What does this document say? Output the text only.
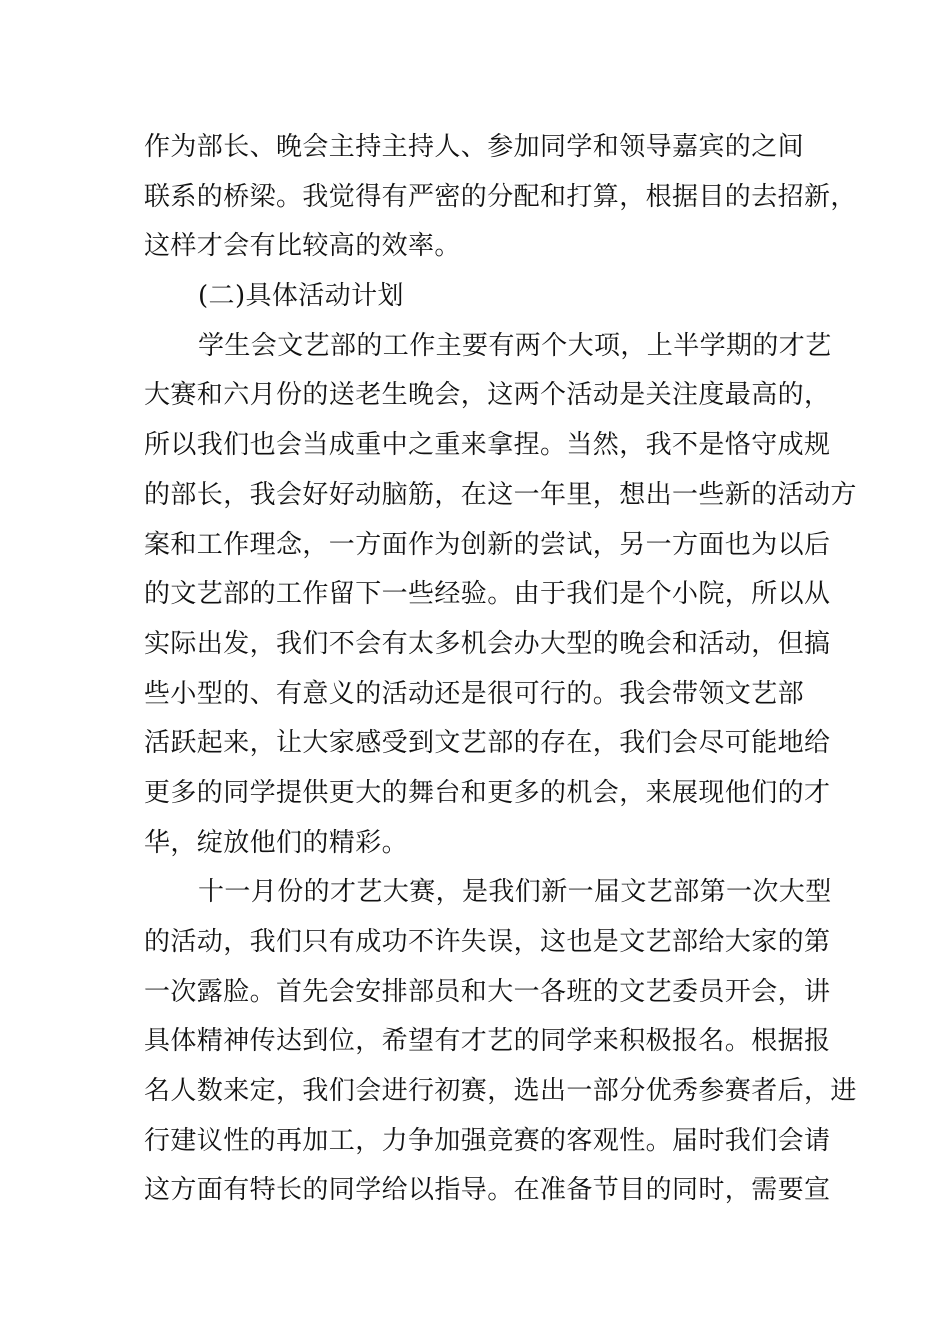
作为部长、晚会主持主持人、参加同学和领导嘉宾的之间
联系的桥梁。我觉得有严密的分配和打算，根据目的去招新，
这样才会有比较高的效率。
(二)具体活动计划
学生会文艺部的工作主要有两个大项，上半学期的才艺
大赛和六月份的送老生晚会，这两个活动是关注度最高的，
所以我们也会当成重中之重来拿捏。当然，我不是恪守成规
的部长，我会好好动脑筋，在这一年里，想出一些新的活动方
案和工作理念，一方面作为创新的尝试，另一方面也为以后
的文艺部的工作留下一些经验。由于我们是个小院，所以从
实际出发，我们不会有太多机会办大型的晚会和活动，但搞
些小型的、有意义的活动还是很可行的。我会带领文艺部
活跃起来，让大家感受到文艺部的存在，我们会尽可能地给
更多的同学提供更大的舞台和更多的机会，来展现他们的才
华，绽放他们的精彩。
十一月份的才艺大赛，是我们新一届文艺部第一次大型
的活动，我们只有成功不许失误，这也是文艺部给大家的第
一次露脸。首先会安排部员和大一各班的文艺委员开会，讲
具体精神传达到位，希望有才艺的同学来积极报名。根据报
名人数来定，我们会进行初赛，选出一部分优秀参赛者后，进
行建议性的再加工，力争加强竞赛的客观性。届时我们会请
这方面有特长的同学给以指导。在准备节目的同时，需要宣
